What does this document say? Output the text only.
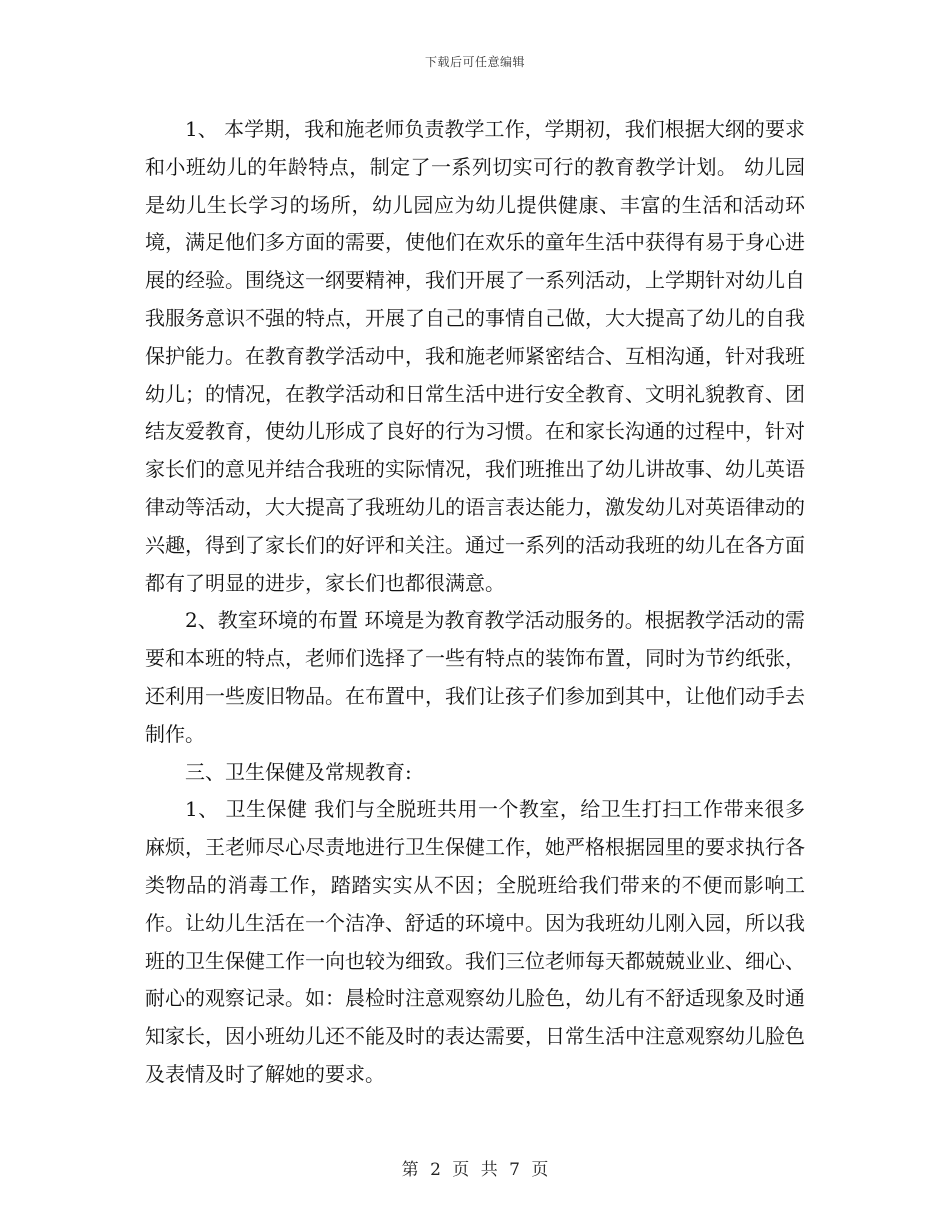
下载后可任意编辑

1、 本学期，我和施老师负责教学工作，学期初，我们根据大纲的要求和小班幼儿的年龄特点，制定了一系列切实可行的教育教学计划。 幼儿园是幼儿生长学习的场所，幼儿园应为幼儿提供健康、丰富的生活和活动环境，满足他们多方面的需要，使他们在欢乐的童年生活中获得有易于身心进展的经验。围绕这一纲要精神，我们开展了一系列活动，上学期针对幼儿自我服务意识不强的特点，开展了自己的事情自己做，大大提高了幼儿的自我保护能力。在教育教学活动中，我和施老师紧密结合、互相沟通，针对我班幼儿；的情况，在教学活动和日常生活中进行安全教育、文明礼貌教育、团结友爱教育，使幼儿形成了良好的行为习惯。在和家长沟通的过程中，针对家长们的意见并结合我班的实际情况，我们班推出了幼儿讲故事、幼儿英语律动等活动，大大提高了我班幼儿的语言表达能力，激发幼儿对英语律动的兴趣，得到了家长们的好评和关注。通过一系列的活动我班的幼儿在各方面都有了明显的进步，家长们也都很满意。

2、教室环境的布置 环境是为教育教学活动服务的。根据教学活动的需要和本班的特点，老师们选择了一些有特点的装饰布置，同时为节约纸张，还利用一些废旧物品。在布置中，我们让孩子们参加到其中，让他们动手去制作。

三、卫生保健及常规教育:

1、 卫生保健 我们与全脱班共用一个教室，给卫生打扫工作带来很多麻烦，王老师尽心尽责地进行卫生保健工作，她严格根据园里的要求执行各类物品的消毒工作，踏踏实实从不因；全脱班给我们带来的不便而影响工作。让幼儿生活在一个洁净、舒适的环境中。因为我班幼儿刚入园，所以我班的卫生保健工作一向也较为细致。我们三位老师每天都兢兢业业、细心、耐心的观察记录。如：晨检时注意观察幼儿脸色，幼儿有不舒适现象及时通知家长，因小班幼儿还不能及时的表达需要，日常生活中注意观察幼儿脸色及表情及时了解她的要求。

第 2 页 共 7 页
